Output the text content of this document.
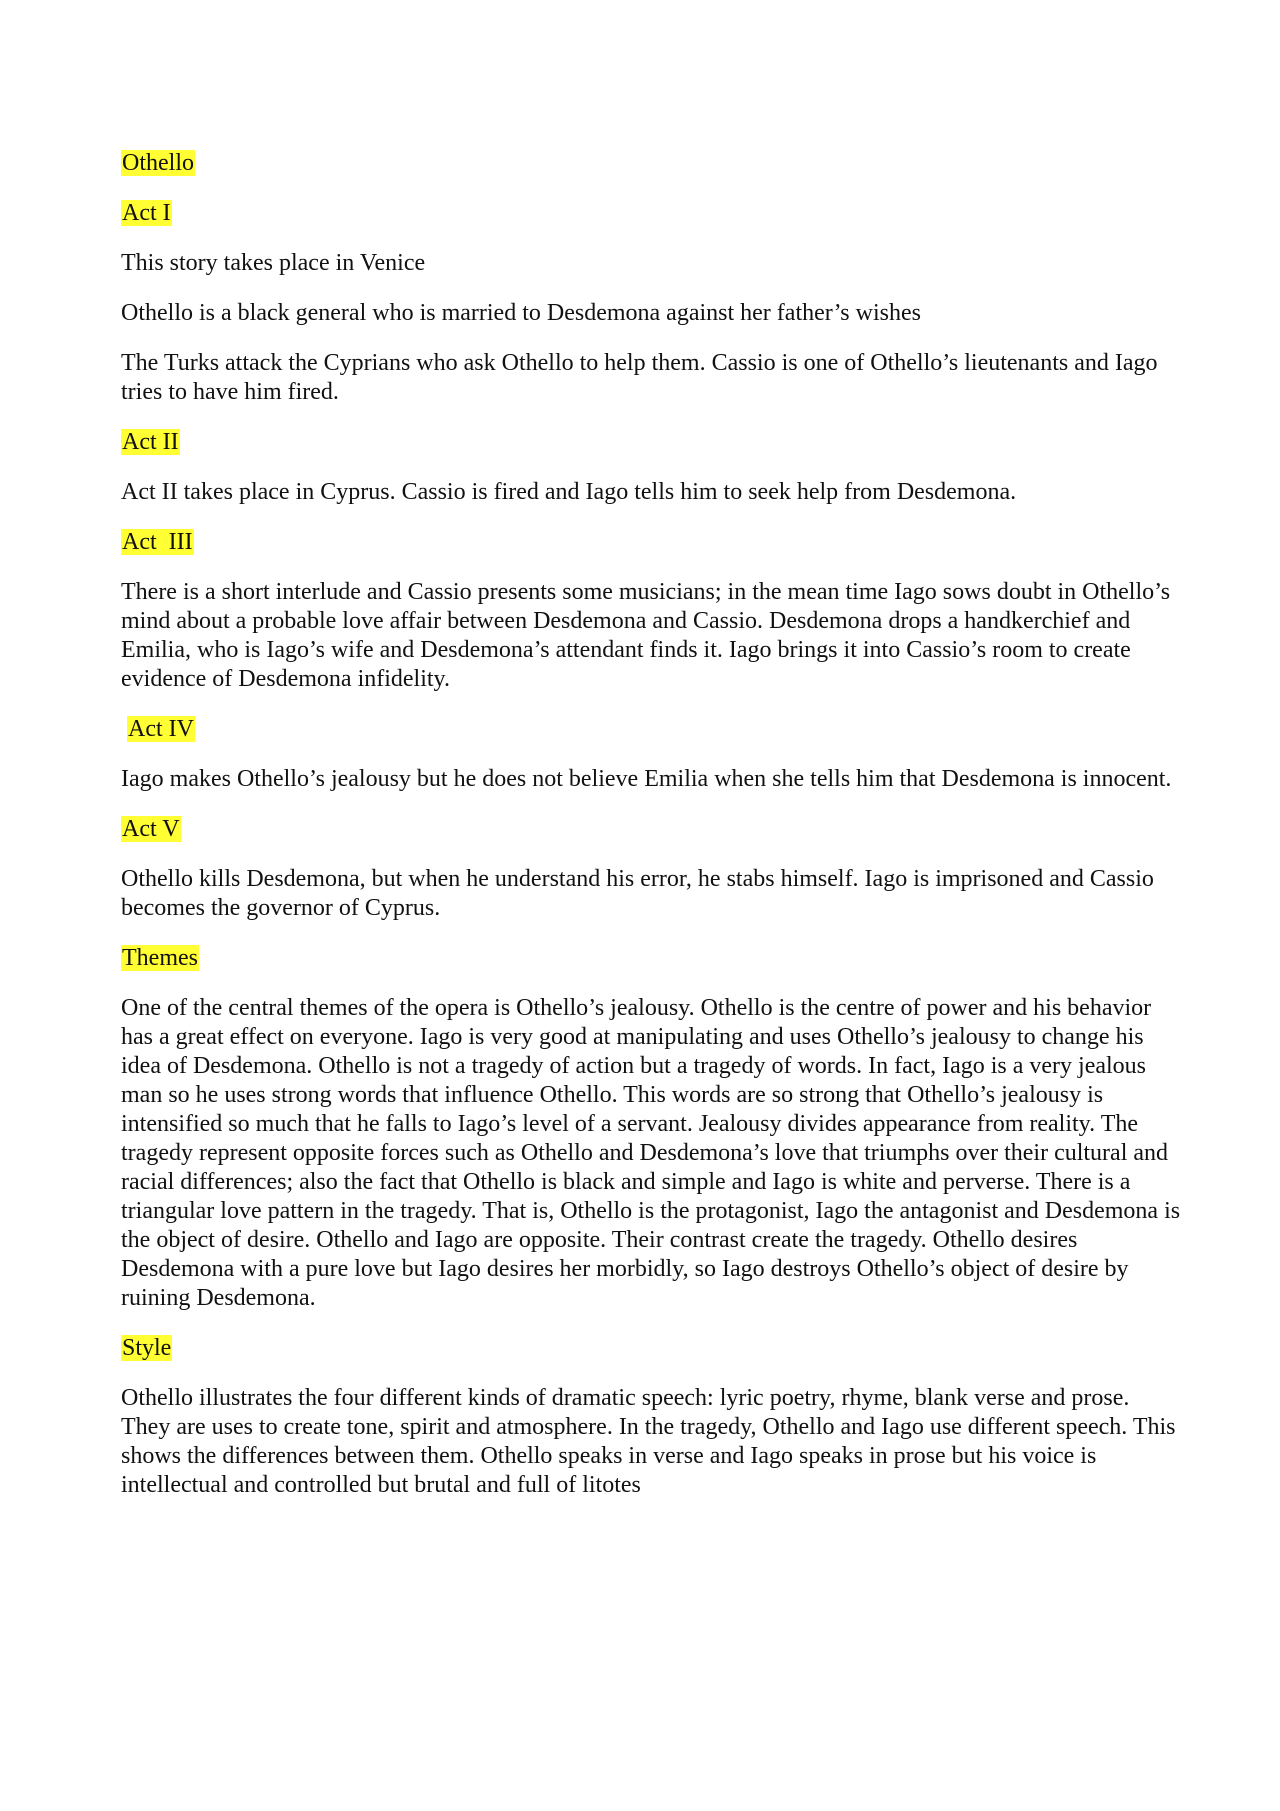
Othello
Act I

This story takes place in Venice

Othello is a black general who is married to Desdemona against her father’s wishes

The Turks attack the Cyprians who ask Othello to help them. Cassio is one of Othello’s lieutenants and Iago tries to have him fired.

Act II

Act II takes place in Cyprus. Cassio is fired and Iago tells him to seek help from Desdemona.

Act  III

There is a short interlude and Cassio presents some musicians; in the mean time Iago sows doubt in Othello’s mind about a probable love affair between Desdemona and Cassio. Desdemona drops a handkerchief and Emilia, who is Iago’s wife and Desdemona’s attendant finds it. Iago brings it into Cassio’s room to create evidence of Desdemona infidelity.

Act IV

Iago makes Othello’s jealousy but he does not believe Emilia when she tells him that Desdemona is innocent.

Act V

Othello kills Desdemona, but when he understand his error, he stabs himself. Iago is imprisoned and Cassio becomes the governor of Cyprus.

Themes

One of the central themes of the opera is Othello’s jealousy. Othello is the centre of power and his behavior has a great effect on everyone. Iago is very good at manipulating and uses Othello’s jealousy to change his idea of Desdemona. Othello is not a tragedy of action but a tragedy of words. In fact, Iago is a very jealous man so he uses strong words that influence Othello. This words are so strong that Othello’s jealousy is intensified so much that he falls to Iago’s level of a servant. Jealousy divides appearance from reality. The tragedy represent opposite forces such as Othello and Desdemona’s love that triumphs over their cultural and racial differences; also the fact that Othello is black and simple and Iago is white and perverse. There is a triangular love pattern in the tragedy. That is, Othello is the protagonist, Iago the antagonist and Desdemona is the object of desire. Othello and Iago are opposite. Their contrast create the tragedy. Othello desires Desdemona with a pure love but Iago desires her morbidly, so Iago destroys Othello’s object of desire by ruining Desdemona.

Style

Othello illustrates the four different kinds of dramatic speech: lyric poetry, rhyme, blank verse and prose. They are uses to create tone, spirit and atmosphere. In the tragedy, Othello and Iago use different speech. This shows the differences between them. Othello speaks in verse and Iago speaks in prose but his voice is intellectual and controlled but brutal and full of litotes
